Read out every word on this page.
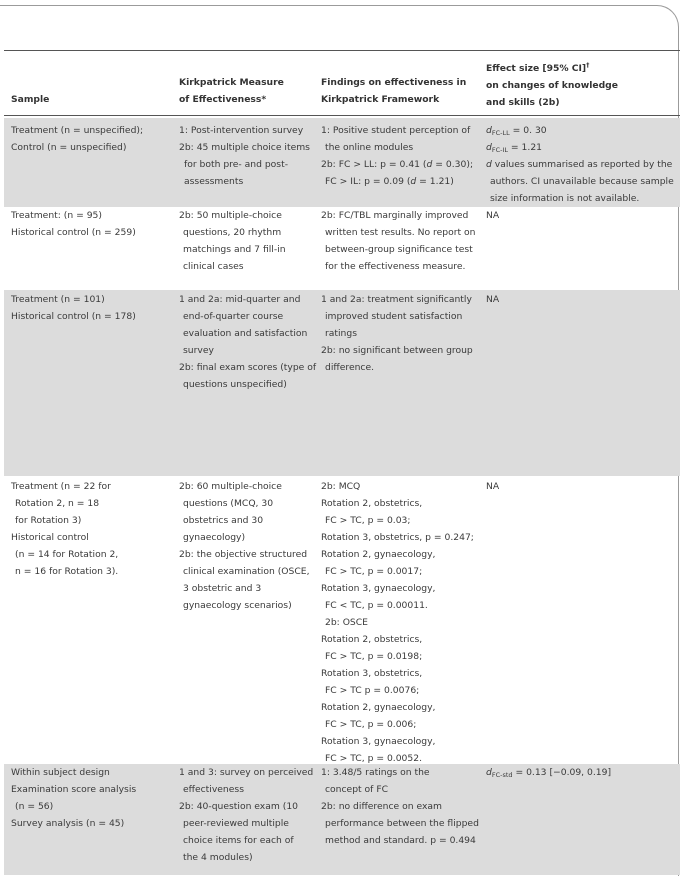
Sample
Kirkpatrick Measure
of Effectiveness*
Findings on effectiveness in
Kirkpatrick Framework
Effect size [95% CI]†
on changes of knowledge
and skills (2b)
Treatment (n = unspecified);
Control (n = unspecified)
1: Post-intervention survey
2b: 45 multiple choice items
for both pre- and post-
assessments
1: Positive student perception of
the online modules
2b: FC > LL: p = 0.41 (d = 0.30);
FC > IL: p = 0.09 (d = 1.21)
$d_{FC-LL} = 0$. 30
$d_{FC-IL} = 1.21$
d values summarised as reported by the
authors. CI unavailable because sample
size information is not available.
Treatment: (n = 95)
Historical control (n = 259)
2b: 50 multiple-choice
questions, 20 rhythm
matchings and 7 fill-in
clinical cases
2b: FC/TBL marginally improved
written test results. No report on
between-group significance test
for the effectiveness measure.
NA
Treatment (n = 101)
Historical control (n = 178)
1 and 2a: mid-quarter and
end-of-quarter course
evaluation and satisfaction
survey
2b: final exam scores (type of
questions unspecified)
1 and 2a: treatment significantly
improved student satisfaction
ratings
2b: no significant between group
difference.
NA
Treatment (n = 22 for
Rotation 2, n = 18
for Rotation 3)
Historical control
(n = 14 for Rotation 2,
n = 16 for Rotation 3).
2b: 60 multiple-choice
questions (MCQ, 30
obstetrics and 30
gynaecology)
2b: the objective structured
clinical examination (OSCE,
3 obstetric and 3
gynaecology scenarios)
2b: MCQ
Rotation 2, obstetrics,
FC > TC, p = 0.03;
Rotation 3, obstetrics, p = 0.247;
Rotation 2, gynaecology,
FC > TC, p = 0.0017;
Rotation 3, gynaecology,
FC < TC, p = 0.00011.
2b: OSCE
Rotation 2, obstetrics,
FC > TC, p = 0.0198;
Rotation 3, obstetrics,
FC > TC p = 0.0076;
Rotation 2, gynaecology,
FC > TC, p = 0.006;
Rotation 3, gynaecology,
FC > TC, p = 0.0052.
NA
Within subject design
Examination score analysis
(n = 56)
Survey analysis (n = 45)
1 and 3: survey on perceived
effectiveness
2b: 40-question exam (10
peer-reviewed multiple
choice items for each of
the 4 modules)
1: 3.48/5 ratings on the
concept of FC
2b: no difference on exam
performance between the flipped
method and standard. p = 0.494
$d_{FC-std} = 0.13$ [−0.09, 0.19]
